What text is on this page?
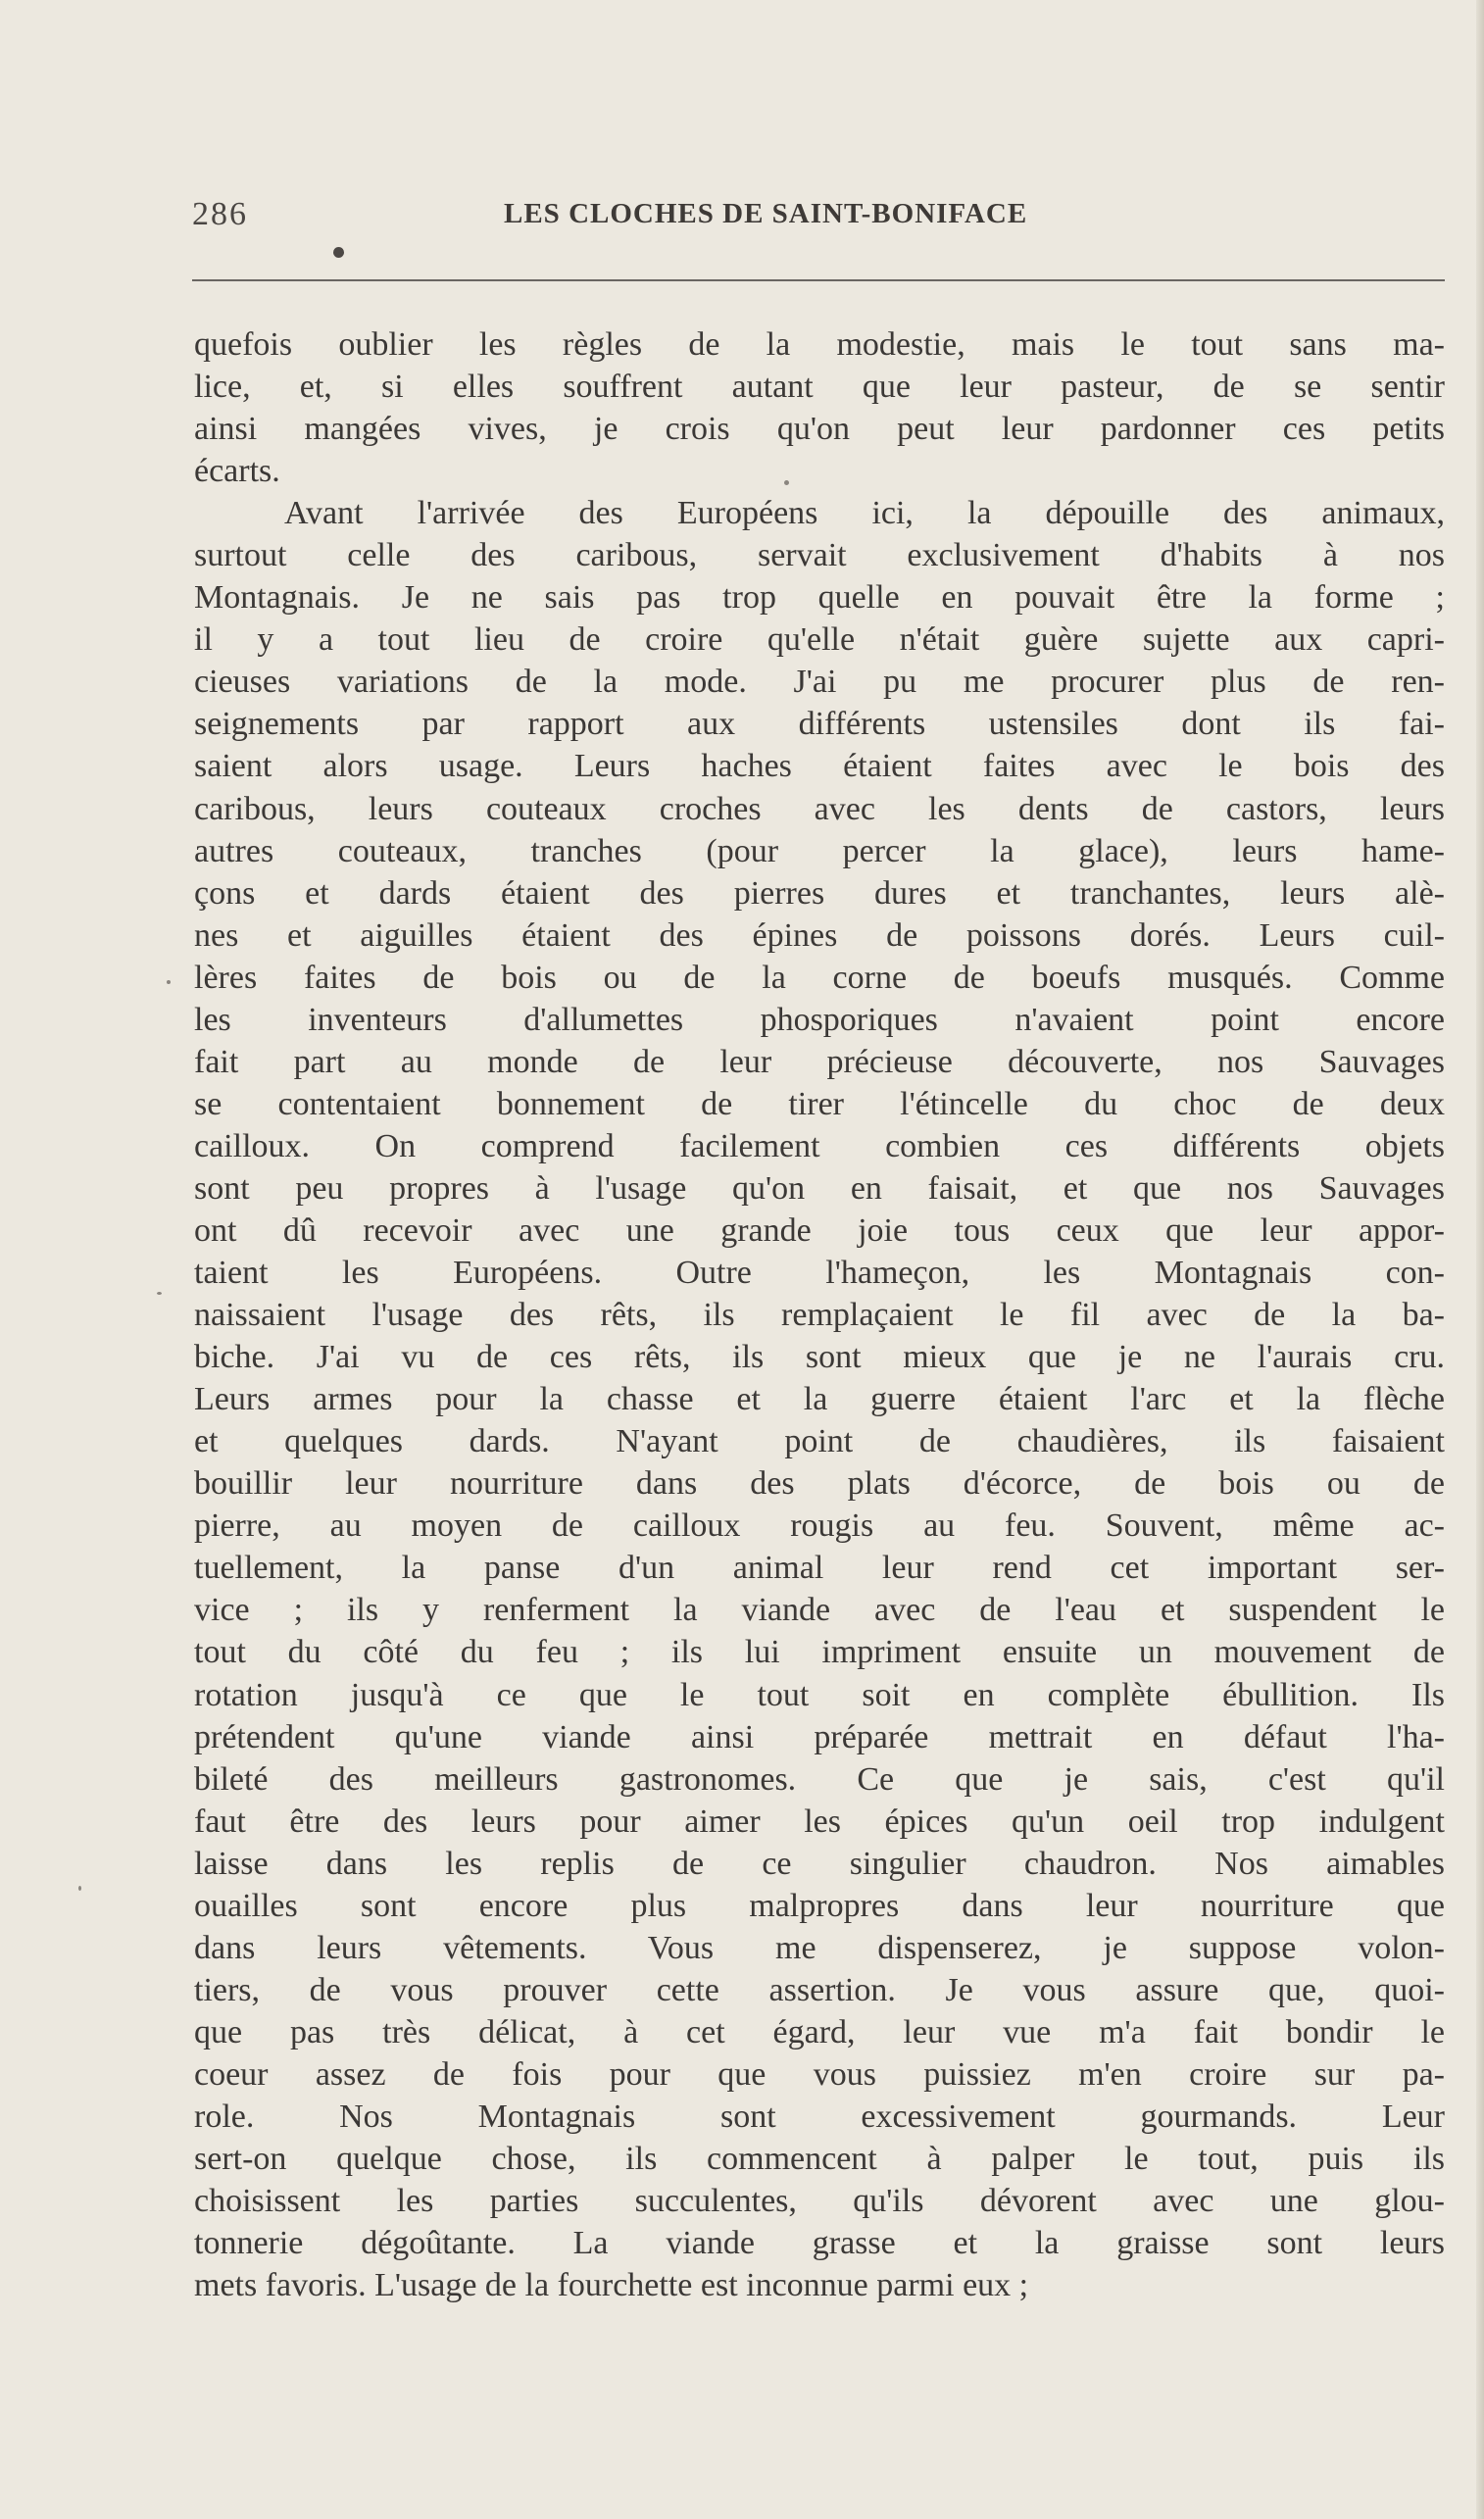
286	LES CLOCHES DE SAINT-BONIFACE
quefois oublier les règles de la modestie, mais le tout sans ma-
lice, et, si elles souffrent autant que leur pasteur, de se sentir
ainsi mangées vives, je crois qu'on peut leur pardonner ces petits
écarts.
Avant l'arrivée des Européens ici, la dépouille des animaux,
surtout celle des caribous, servait exclusivement d'habits à nos
Montagnais. Je ne sais pas trop quelle en pouvait être la forme ;
il y a tout lieu de croire qu'elle n'était guère sujette aux capri-
cieuses variations de la mode. J'ai pu me procurer plus de ren-
seignements par rapport aux différents ustensiles dont ils fai-
saient alors usage. Leurs haches étaient faites avec le bois des
caribous, leurs couteaux croches avec les dents de castors, leurs
autres couteaux, tranches (pour percer la glace), leurs hame-
çons et dards étaient des pierres dures et tranchantes, leurs alè-
nes et aiguilles étaient des épines de poissons dorés. Leurs cuil-
lères faites de bois ou de la corne de boeufs musqués. Comme
les inventeurs d'allumettes phosporiques n'avaient point encore
fait part au monde de leur précieuse découverte, nos Sauvages
se contentaient bonnement de tirer l'étincelle du choc de deux
cailloux. On comprend facilement combien ces différents objets
sont peu propres à l'usage qu'on en faisait, et que nos Sauvages
ont dû recevoir avec une grande joie tous ceux que leur appor-
taient les Européens. Outre l'hameçon, les Montagnais con-
naissaient l'usage des rêts, ils remplaçaient le fil avec de la ba-
biche. J'ai vu de ces rêts, ils sont mieux que je ne l'aurais cru.
Leurs armes pour la chasse et la guerre étaient l'arc et la flèche
et quelques dards. N'ayant point de chaudières, ils faisaient
bouillir leur nourriture dans des plats d'écorce, de bois ou de
pierre, au moyen de cailloux rougis au feu. Souvent, même ac-
tuellement, la panse d'un animal leur rend cet important ser-
vice ; ils y renferment la viande avec de l'eau et suspendent le
tout du côté du feu ; ils lui impriment ensuite un mouvement de
rotation jusqu'à ce que le tout soit en complète ébullition. Ils
prétendent qu'une viande ainsi préparée mettrait en défaut l'ha-
bileté des meilleurs gastronomes. Ce que je sais, c'est qu'il
faut être des leurs pour aimer les épices qu'un oeil trop indulgent
laisse dans les replis de ce singulier chaudron. Nos aimables
ouailles sont encore plus malpropres dans leur nourriture que
dans leurs vêtements. Vous me dispenserez, je suppose volon-
tiers, de vous prouver cette assertion. Je vous assure que, quoi-
que pas très délicat, à cet égard, leur vue m'a fait bondir le
coeur assez de fois pour que vous puissiez m'en croire sur pa-
role. Nos Montagnais sont excessivement gourmands. Leur
sert-on quelque chose, ils commencent à palper le tout, puis ils
choisissent les parties succulentes, qu'ils dévorent avec une glou-
tonnerie dégoûtante. La viande grasse et la graisse sont leurs
mets favoris. L'usage de la fourchette est inconnue parmi eux ;
